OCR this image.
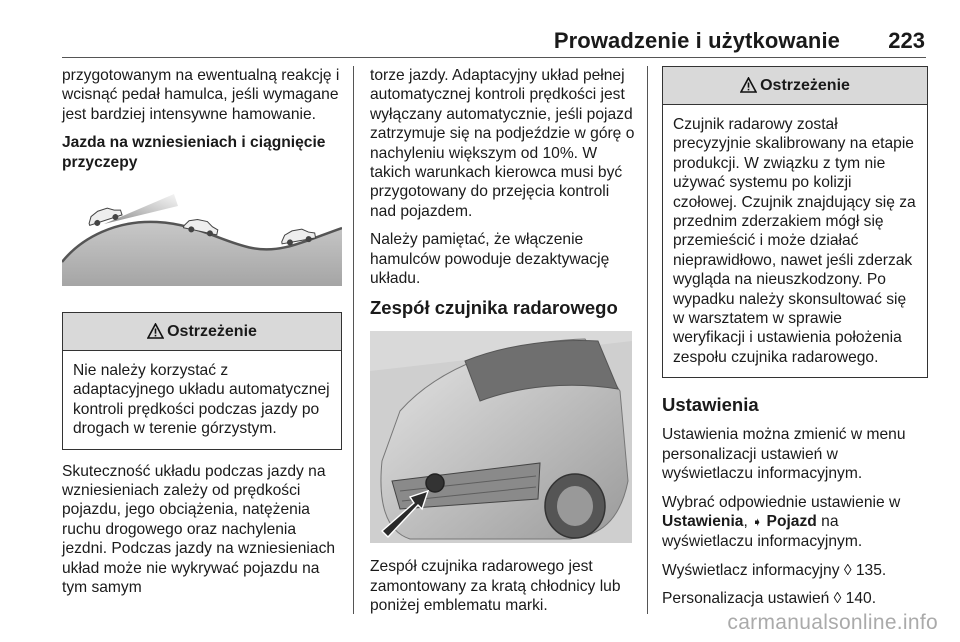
Prowadzenie i użytkowanie 223

przygotowanym na ewentualną reakcję i wcisnąć pedał hamulca, jeśli wymagane jest bardziej intensywne hamowanie.

Jazda na wzniesieniach i ciągnięcie przyczepy

Ostrzeżenie
Nie należy korzystać z adaptacyjnego układu automatycznej kontroli prędkości podczas jazdy po drogach w terenie górzystym.

Skuteczność układu podczas jazdy na wzniesieniach zależy od prędkości pojazdu, jego obciążenia, natężenia ruchu drogowego oraz nachylenia jezdni. Podczas jazdy na wzniesieniach układ może nie wykrywać pojazdu na tym samym

torze jazdy. Adaptacyjny układ pełnej automatycznej kontroli prędkości jest wyłączany automatycznie, jeśli pojazd zatrzymuje się na podjeździe w górę o nachyleniu większym od 10%. W takich warunkach kierowca musi być przygotowany do przejęcia kontroli nad pojazdem.

Należy pamiętać, że włączenie hamulców powoduje dezaktywację układu.

Zespół czujnika radarowego

Zespół czujnika radarowego jest zamontowany za kratą chłodnicy lub poniżej emblematu marki.

Ostrzeżenie
Czujnik radarowy został precyzyjnie skalibrowany na etapie produkcji. W związku z tym nie używać systemu po kolizji czołowej. Czujnik znajdujący się za przednim zderzakiem mógł się przemieścić i może działać nieprawidłowo, nawet jeśli zderzak wygląda na nieuszkodzony. Po wypadku należy skonsultować się w warsztatem w sprawie weryfikacji i ustawienia położenia zespołu czujnika radarowego.
Ustawienia

Ustawienia można zmienić w menu personalizacji ustawień w wyświetlaczu informacyjnym.

Wybrać odpowiednie ustawienie w Ustawienia, ➧ Pojazd na wyświetlaczu informacyjnym.

Wyświetlacz informacyjny ◊ 135.

Personalizacja ustawień ◊ 140.

carmanualsonline.info
